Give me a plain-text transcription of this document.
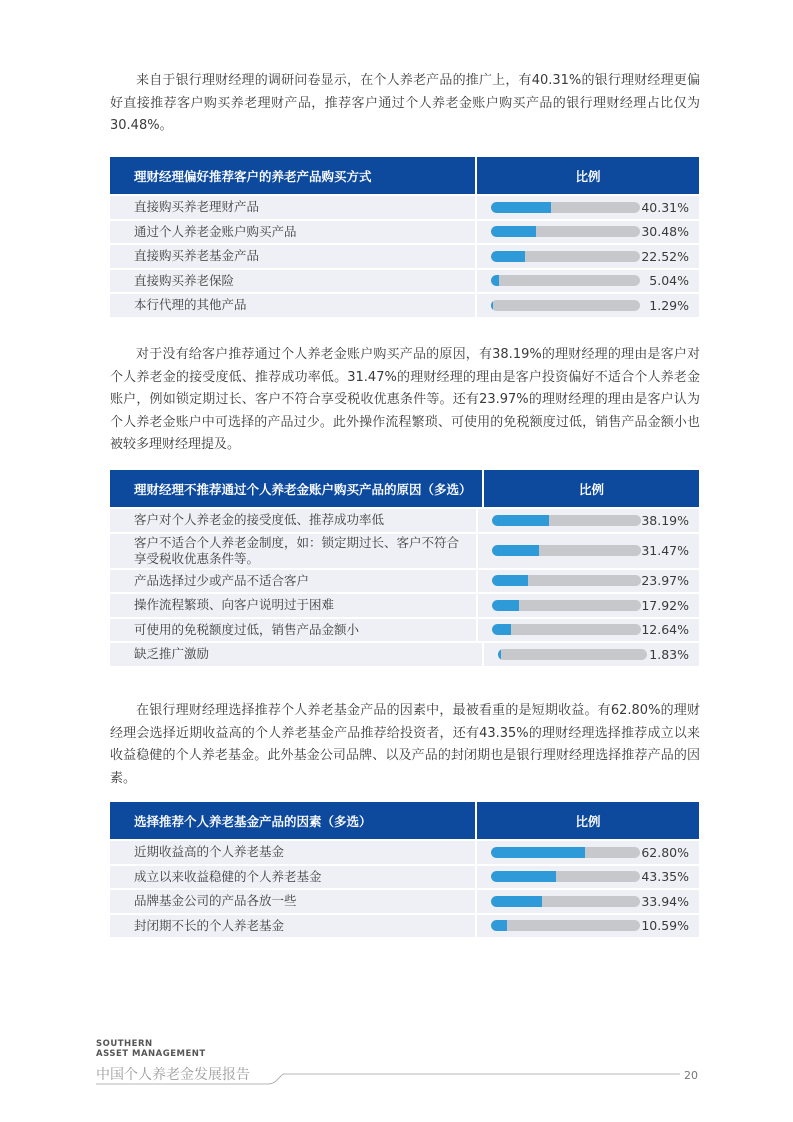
来自于银行理财经理的调研问卷显示，在个人养老产品的推广上，有40.31%的银行理财经理更偏好直接推荐客户购买养老理财产品，推荐客户通过个人养老金账户购买产品的银行理财经理占比仅为30.48%。

理财经理偏好推荐客户的养老产品购买方式	比例
直接购买养老理财产品	40.31%
通过个人养老金账户购买产品	30.48%
直接购买养老基金产品	22.52%
直接购买养老保险	5.04%
本行代理的其他产品	1.29%

对于没有给客户推荐通过个人养老金账户购买产品的原因，有38.19%的理财经理的理由是客户对个人养老金的接受度低、推荐成功率低。31.47%的理财经理的理由是客户投资偏好不适合个人养老金账户，例如锁定期过长、客户不符合享受税收优惠条件等。还有23.97%的理财经理的理由是客户认为个人养老金账户中可选择的产品过少。此外操作流程繁琐、可使用的免税额度过低，销售产品金额小也被较多理财经理提及。

理财经理不推荐通过个人养老金账户购买产品的原因（多选）	比例
客户对个人养老金的接受度低、推荐成功率低	38.19%
客户不适合个人养老金制度，如：锁定期过长、客户不符合享受税收优惠条件等。	31.47%
产品选择过少或产品不适合客户	23.97%
操作流程繁琐、向客户说明过于困难	17.92%
可使用的免税额度过低，销售产品金额小	12.64%
缺乏推广激励	1.83%

在银行理财经理选择推荐个人养老基金产品的因素中，最被看重的是短期收益。有62.80%的理财经理会选择近期收益高的个人养老基金产品推荐给投资者，还有43.35%的理财经理选择推荐成立以来收益稳健的个人养老基金。此外基金公司品牌、以及产品的封闭期也是银行理财经理选择推荐产品的因素。

选择推荐个人养老基金产品的因素（多选）	比例
近期收益高的个人养老基金	62.80%
成立以来收益稳健的个人养老基金	43.35%
品牌基金公司的产品各放一些	33.94%
封闭期不长的个人养老基金	10.59%
SOUTHERN
ASSET MANAGEMENT
中国个人养老金发展报告	20
